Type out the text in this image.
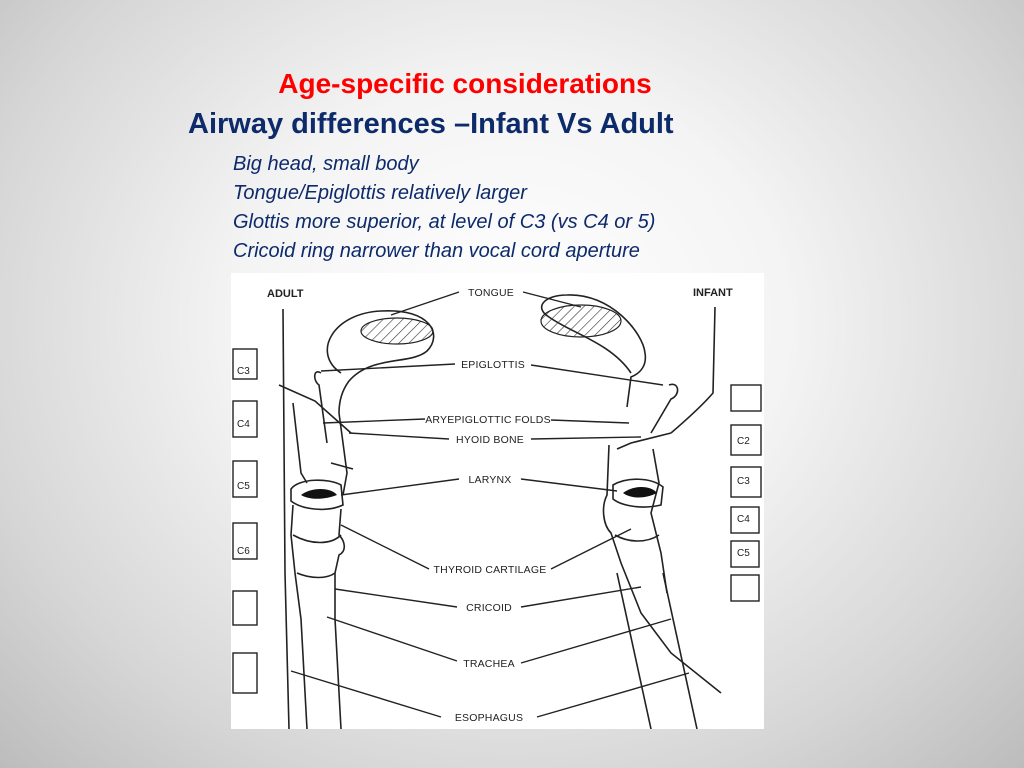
Age-specific considerations
Airway differences –Infant Vs Adult
Big head, small body
Tongue/Epiglottis relatively larger
Glottis more superior, at level of C3 (vs C4 or 5)
Cricoid ring narrower than vocal cord aperture
ADULT	INFANT
C3
C4
C5
C6
C2
C3
C4
C5
TONGUE
EPIGLOTTIS
ARYEPIGLOTTIC FOLDS
HYOID BONE
LARYNX
THYROID CARTILAGE
CRICOID
TRACHEA
ESOPHAGUS
